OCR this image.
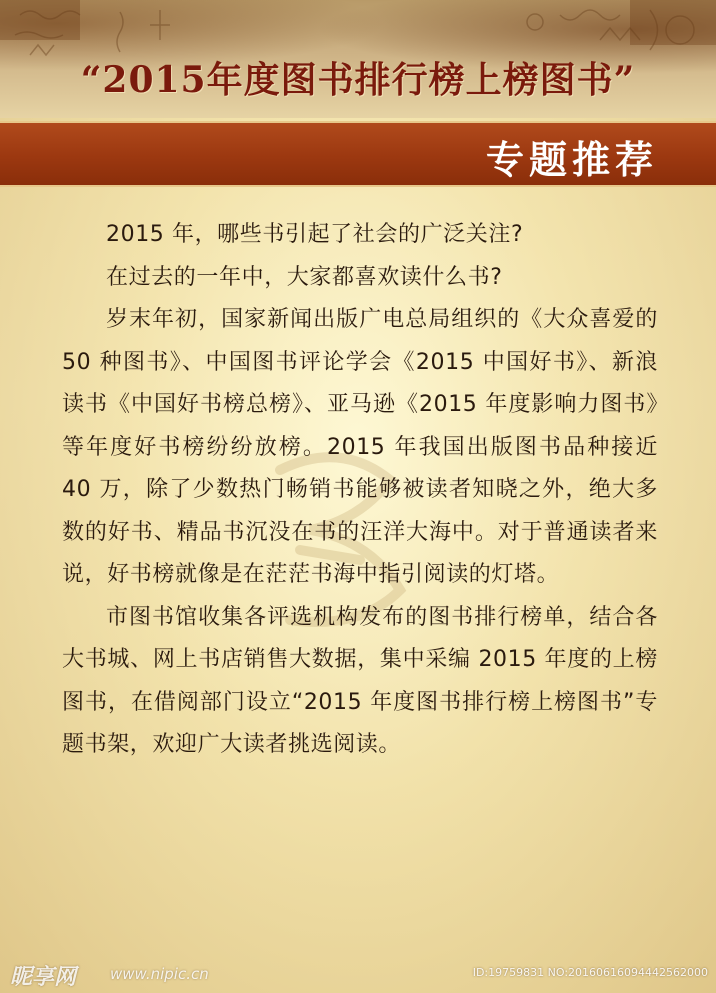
“2015年度图书排行榜上榜图书”
专题推荐

2015 年，哪些书引起了社会的广泛关注?

在过去的一年中，大家都喜欢读什么书?

岁末年初，国家新闻出版广电总局组织的《大众喜爱的 50 种图书》、中国图书评论学会《2015 中国好书》、新浪读书《中国好书榜总榜》、亚马逊《2015 年度影响力图书》等年度好书榜纷纷放榜。2015 年我国出版图书品种接近 40 万，除了少数热门畅销书能够被读者知晓之外，绝大多数的好书、精品书沉没在书的汪洋大海中。对于普通读者来说，好书榜就像是在茫茫书海中指引阅读的灯塔。

市图书馆收集各评选机构发布的图书排行榜单，结合各大书城、网上书店销售大数据，集中采编 2015 年度的上榜图书，在借阅部门设立“2015 年度图书排行榜上榜图书”专题书架，欢迎广大读者挑选阅读。

昵享网 www.nipic.cn	ID:19759831 NO:20160616094442562000
